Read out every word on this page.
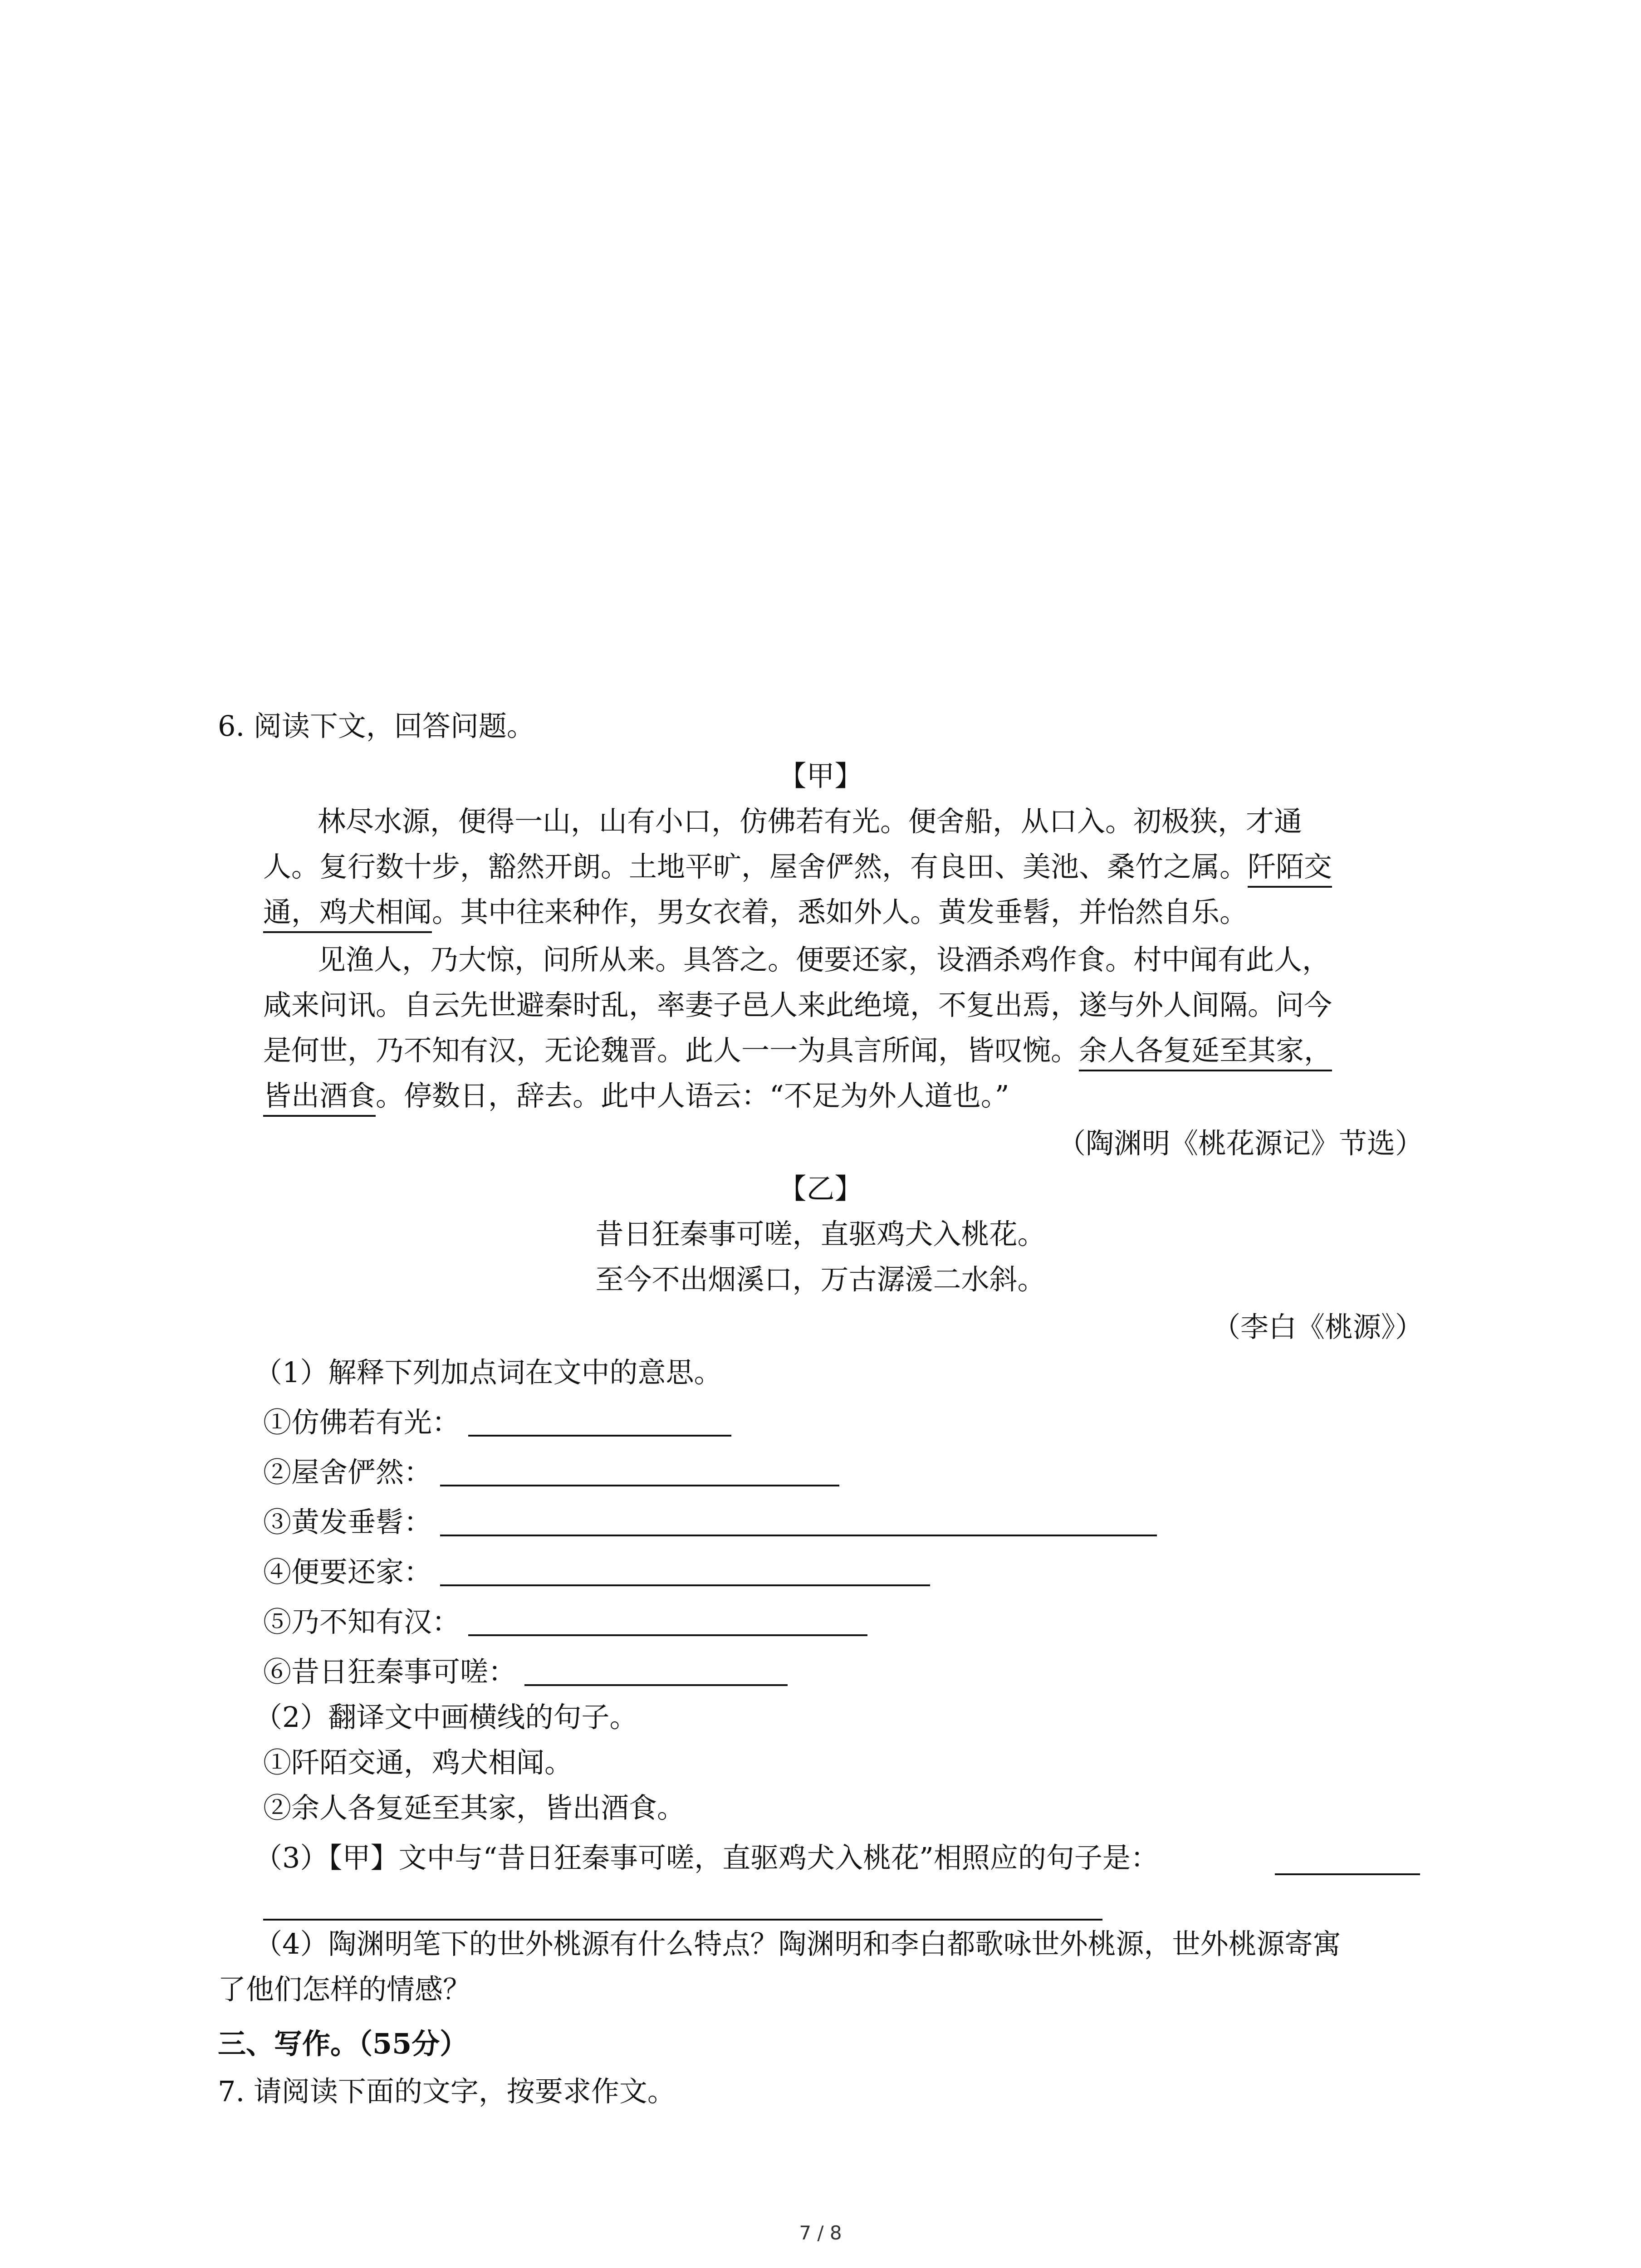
6. 阅读下文，回答问题。
【甲】
林尽水源，便得一山，山有小口，仿佛若有光。便舍船，从口入。初极狭，才通
人。复行数十步，豁然开朗。土地平旷，屋舍俨然，有良田、美池、桑竹之属。阡陌交
通，鸡犬相闻。其中往来种作，男女衣着，悉如外人。黄发垂髫，并怡然自乐。
见渔人，乃大惊，问所从来。具答之。便要还家，设酒杀鸡作食。村中闻有此人，
咸来问讯。自云先世避秦时乱，率妻子邑人来此绝境，不复出焉，遂与外人间隔。问今
是何世，乃不知有汉，无论魏晋。此人一一为具言所闻，皆叹惋。余人各复延至其家，
皆出酒食。停数日，辞去。此中人语云：“不足为外人道也。”
（陶渊明《桃花源记》节选）
【乙】
昔日狂秦事可嗟，直驱鸡犬入桃花。
至今不出烟溪口，万古潺湲二水斜。
（李白《桃源》）
（1）解释下列加点词在文中的意思。
①仿佛若有光：
②屋舍俨然：
③黄发垂髫：
④便要还家：
⑤乃不知有汉：
⑥昔日狂秦事可嗟：
（2）翻译文中画横线的句子。
①阡陌交通，鸡犬相闻。
②余人各复延至其家，皆出酒食。
（3）【甲】文中与“昔日狂秦事可嗟，直驱鸡犬入桃花”相照应的句子是：
（4）陶渊明笔下的世外桃源有什么特点？陶渊明和李白都歌咏世外桃源，世外桃源寄寓
了他们怎样的情感？
三、写作。（55分）
7. 请阅读下面的文字，按要求作文。
7 / 8
